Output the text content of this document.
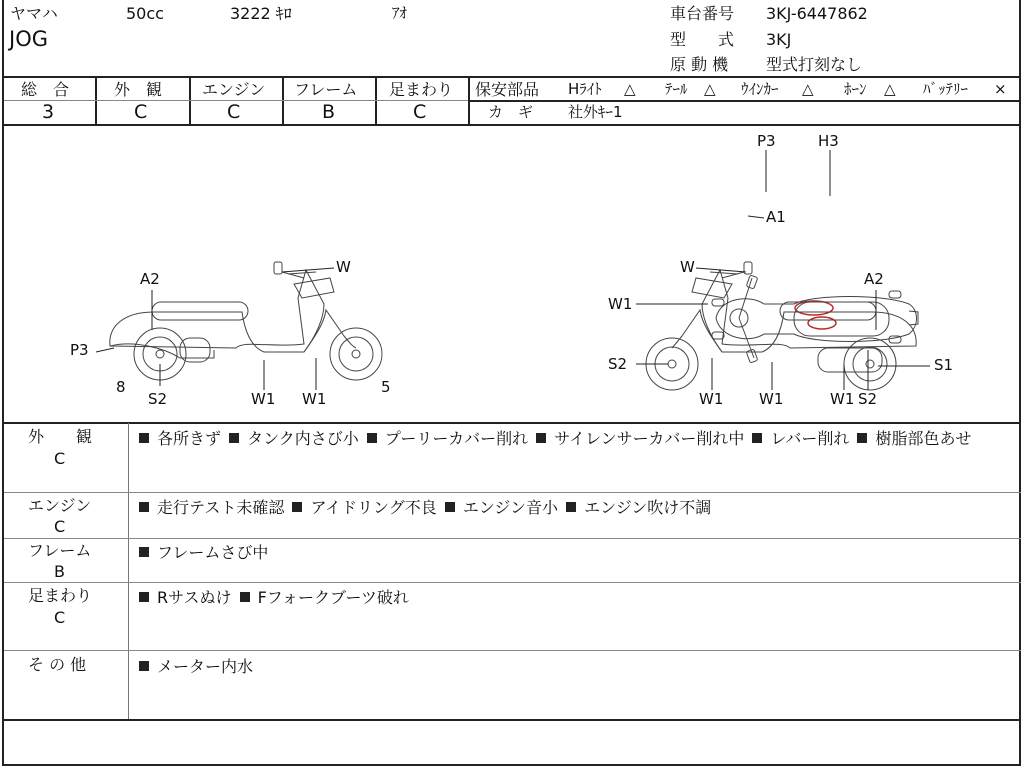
ヤマハ	50cc	3222 ｷﾛ	ｱｵ
JOG
車台番号 3KJ-6447862
型　　式 3KJ
原 動 機 型式打刻なし
総　合
3
外　観
C
エンジン
C
フレーム
B
足まわり
C
保安部品 Hﾗｲﾄ △ ﾃｰﾙ △ ｳｲﾝｶｰ △ ﾎｰﾝ △ ﾊﾞｯﾃﾘｰ ×
カ　ギ 社外ｷｰ1
P3	H3
A1
W
A2
P3
8
S2	W1 W1
5
W
W1
A2
S2	S1
W1 W1	W1 S2
外　　観
C
各所きず タンク内さび小 プーリーカバー削れ サイレンサーカバー削れ中 レバー削れ 樹脂部色あせ
エンジン
C
走行テスト未確認 アイドリング不良 エンジン音小 エンジン吹け不調
フレーム
B
フレームさび中
足まわり
C
Rサスぬけ Fフォークブーツ破れ
そ の 他	メーター内水
